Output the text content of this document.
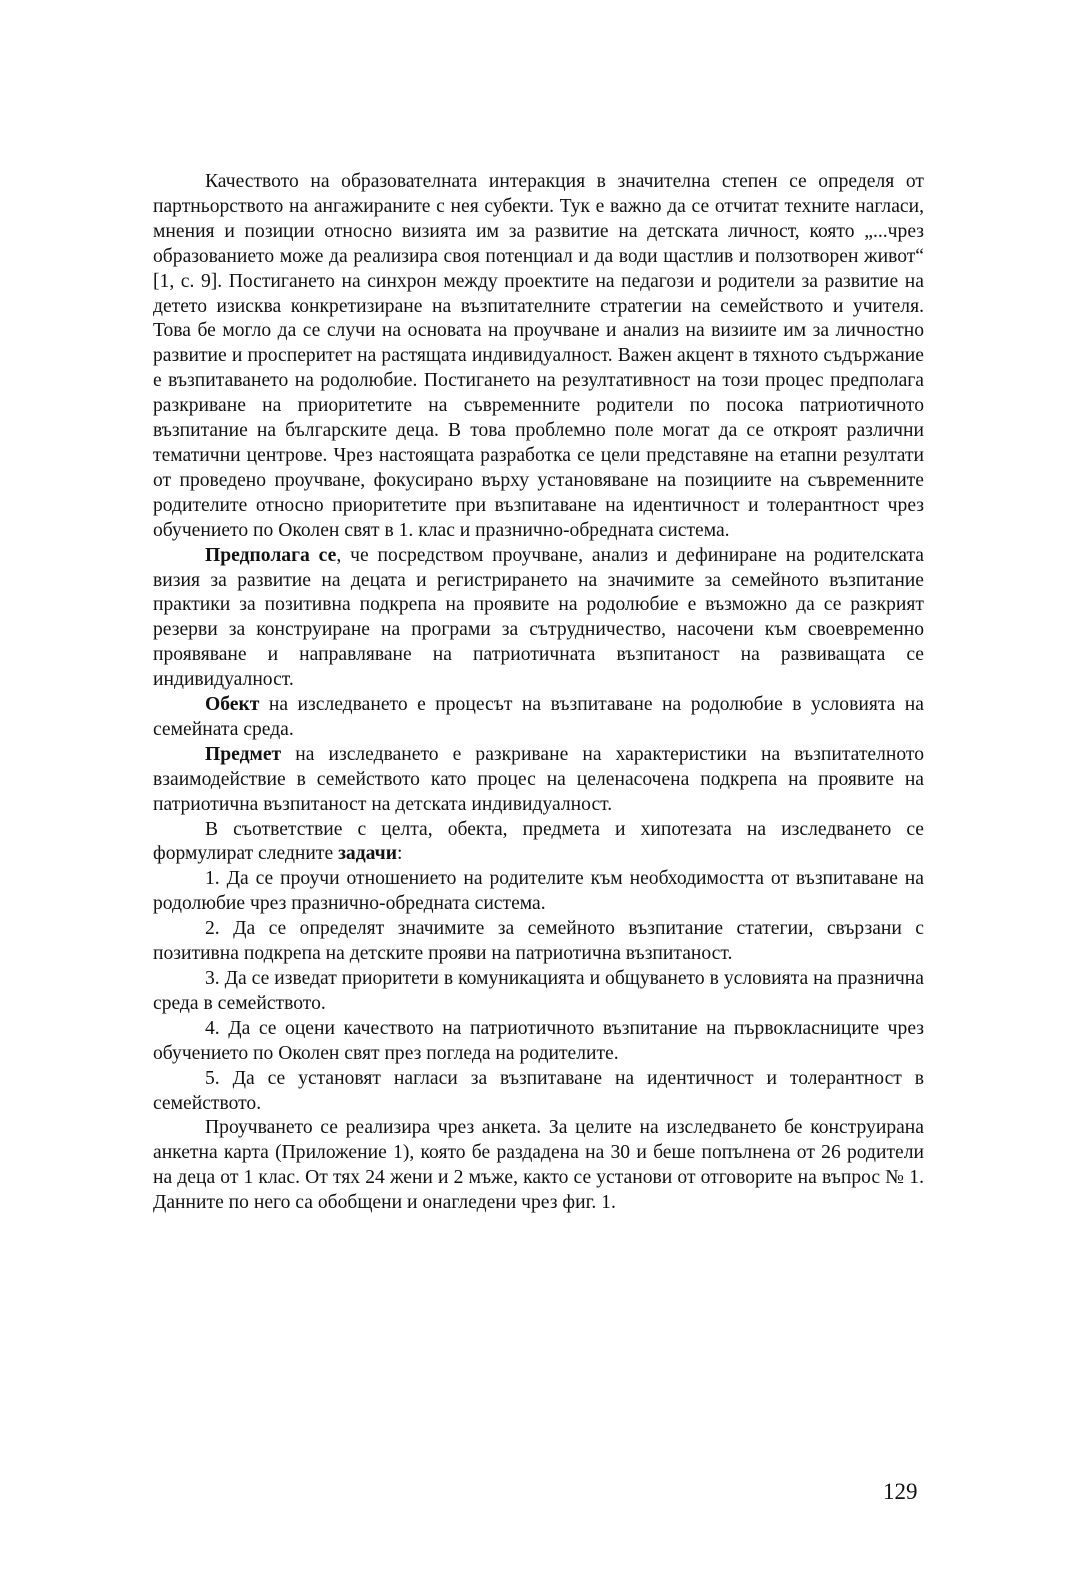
Качеството на образователната интеракция в значителна степен се определя от партньорството на ангажираните с нея субекти. Тук е важно да се отчитат техните нагласи, мнения и позиции относно визията им за развитие на детската личност, която „...чрез образованието може да реализира своя потенциал и да води щастлив и ползотворен живот“ [1, с. 9]. Постигането на синхрон между проектите на педагози и родители за развитие на детето изисква конкретизиране на възпитателните стратегии на семейството и учителя. Това бе могло да се случи на основата на проучване и анализ на визиите им за личностно развитие и просперитет на растящата индивидуалност. Важен акцент в тяхното съдържание е възпитаването на родолюбие. Постигането на резултативност на този процес предполага разкриване на приоритетите на съвременните родители по посока патриотичното възпитание на българските деца. В това проблемно поле могат да се откроят различни тематични центрове. Чрез настоящата разработка се цели представяне на етапни резултати от проведено проучване, фокусирано върху установяване на позициите на съвременните родителите относно приоритетите при възпитаване на идентичност и толерантност чрез обучението по Околен свят в 1. клас и празнично-обредната система.

Предполага се, че посредством проучване, анализ и дефиниране на родителската визия за развитие на децата и регистрирането на значимите за семейното възпитание практики за позитивна подкрепа на проявите на родолюбие е възможно да се разкрият резерви за конструиране на програми за сътрудничество, насочени към своевременно проявяване и направляване на патриотичната възпитаност на развиващата се индивидуалност.

Обект на изследването е процесът на възпитаване на родолюбие в условията на семейната среда.

Предмет на изследването е разкриване на характеристики на възпитателното взаимодействие в семейството като процес на целенасочена подкрепа на проявите на патриотична възпитаност на детската индивидуалност.

В съответствие с целта, обекта, предмета и хипотезата на изследването се формулират следните задачи:

1. Да се проучи отношението на родителите към необходимостта от възпитаване на родолюбие чрез празнично-обредната система.

2. Да се определят значимите за семейното възпитание статегии, свързани с позитивна подкрепа на детските прояви на патриотична възпитаност.

3. Да се изведат приоритети в комуникацията и общуването в условията на празнична среда в семейството.

4. Да се оцени качеството на патриотичното възпитание на първокласниците чрез обучението по Околен свят през погледа на родителите.

5. Да се установят нагласи за възпитаване на идентичност и толерантност в семейството.

Проучването се реализира чрез анкета. За целите на изследването бе конструирана анкетна карта (Приложение 1), която бе раздадена на 30 и беше попълнена от 26 родители на деца от 1 клас. От тях 24 жени и 2 мъже, както се установи от отговорите на въпрос № 1. Данните по него са обобщени и онагледени чрез фиг. 1.

129
